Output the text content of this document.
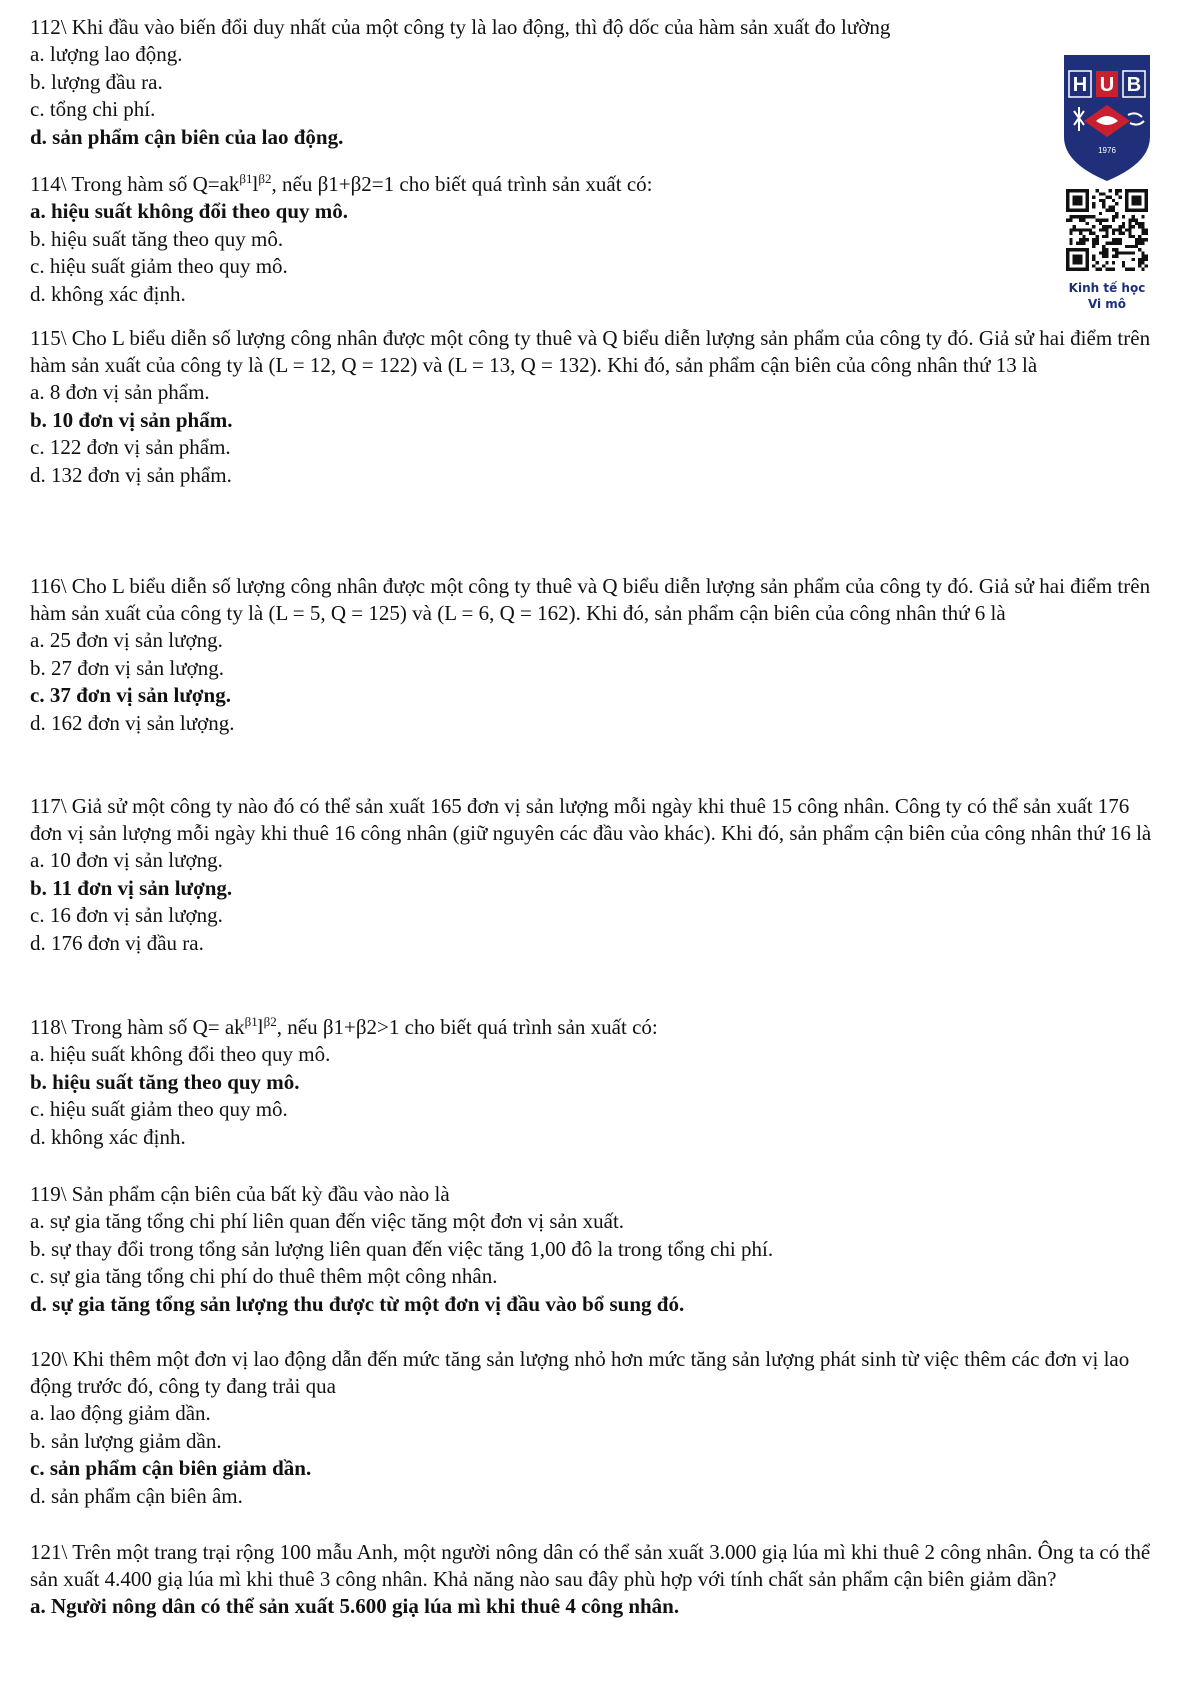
112\ Khi đầu vào biến đổi duy nhất của một công ty là lao động, thì độ dốc của hàm sản xuất đo lường

a. lượng lao động.

b. lượng đầu ra.

c. tổng chi phí.

d. sản phẩm cận biên của lao động.

114\ Trong hàm số $Q=ak^{\beta 1}l^{\beta 2}$, nếu β1+β2=1 cho biết quá trình sản xuất có:

a. hiệu suất không đổi theo quy mô.

b. hiệu suất tăng theo quy mô.

c. hiệu suất giảm theo quy mô.

d. không xác định.

115\ Cho L biểu diễn số lượng công nhân được một công ty thuê và Q biểu diễn lượng sản phẩm của công ty đó. Giả sử hai điểm trên hàm sản xuất của công ty là (L = 12, Q = 122) và (L = 13, Q = 132). Khi đó, sản phẩm cận biên của công nhân thứ 13 là

a. 8 đơn vị sản phẩm.

b. 10 đơn vị sản phẩm.

c. 122 đơn vị sản phẩm.

d. 132 đơn vị sản phẩm.

116\ Cho L biểu diễn số lượng công nhân được một công ty thuê và Q biểu diễn lượng sản phẩm của công ty đó. Giả sử hai điểm trên hàm sản xuất của công ty là (L = 5, Q = 125) và (L = 6, Q = 162). Khi đó, sản phẩm cận biên của công nhân thứ 6 là

a. 25 đơn vị sản lượng.

b. 27 đơn vị sản lượng.

c. 37 đơn vị sản lượng.

d. 162 đơn vị sản lượng.

117\ Giả sử một công ty nào đó có thể sản xuất 165 đơn vị sản lượng mỗi ngày khi thuê 15 công nhân. Công ty có thể sản xuất 176 đơn vị sản lượng mỗi ngày khi thuê 16 công nhân (giữ nguyên các đầu vào khác). Khi đó, sản phẩm cận biên của công nhân thứ 16 là

a. 10 đơn vị sản lượng.

b. 11 đơn vị sản lượng.

c. 16 đơn vị sản lượng.

d. 176 đơn vị đầu ra.

118\ Trong hàm số $Q= ak^{\beta 1}l^{\beta 2}$, nếu β1+β2>1 cho biết quá trình sản xuất có:

a. hiệu suất không đổi theo quy mô.

b. hiệu suất tăng theo quy mô.

c. hiệu suất giảm theo quy mô.

d. không xác định.

119\ Sản phẩm cận biên của bất kỳ đầu vào nào là

a. sự gia tăng tổng chi phí liên quan đến việc tăng một đơn vị sản xuất.

b. sự thay đổi trong tổng sản lượng liên quan đến việc tăng 1,00 đô la trong tổng chi phí.

c. sự gia tăng tổng chi phí do thuê thêm một công nhân.

d. sự gia tăng tổng sản lượng thu được từ một đơn vị đầu vào bổ sung đó.

120\ Khi thêm một đơn vị lao động dẫn đến mức tăng sản lượng nhỏ hơn mức tăng sản lượng phát sinh từ việc thêm các đơn vị lao động trước đó, công ty đang trải qua

a. lao động giảm dần.

b. sản lượng giảm dần.

c. sản phẩm cận biên giảm dần.

d. sản phẩm cận biên âm.

121\ Trên một trang trại rộng 100 mẫu Anh, một người nông dân có thể sản xuất 3.000 giạ lúa mì khi thuê 2 công nhân. Ông ta có thể sản xuất 4.400 giạ lúa mì khi thuê 3 công nhân. Khả năng nào sau đây phù hợp với tính chất sản phẩm cận biên giảm dần?

a. Người nông dân có thể sản xuất 5.600 giạ lúa mì khi thuê 4 công nhân.

H U B
1976
Kinh tế học
Vi mô
